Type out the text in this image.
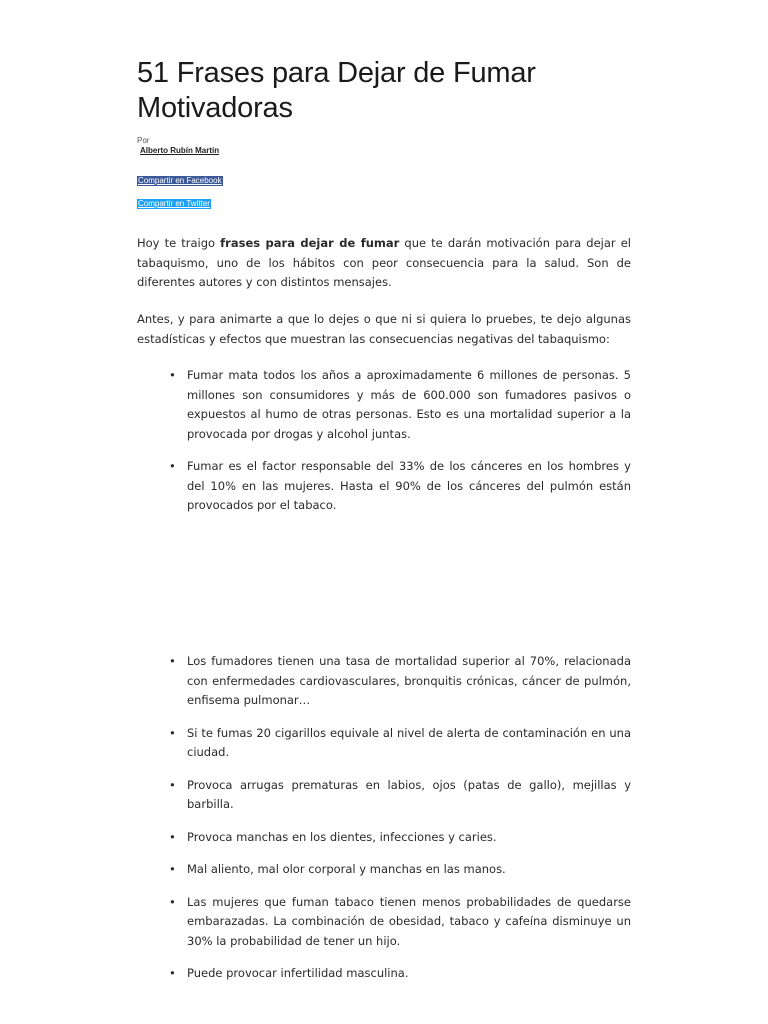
51 Frases para Dejar de Fumar Motivadoras
Por
Alberto Rubín Martín
Compartir en Facebook
Compartir en Twitter

Hoy te traigo frases para dejar de fumar que te darán motivación para dejar el tabaquismo, uno de los hábitos con peor consecuencia para la salud. Son de diferentes autores y con distintos mensajes.

Antes, y para animarte a que lo dejes o que ni si quiera lo pruebes, te dejo algunas estadísticas y efectos que muestran las consecuencias negativas del tabaquismo:

• Fumar mata todos los años a aproximadamente 6 millones de personas. 5 millones son consumidores y más de 600.000 son fumadores pasivos o expuestos al humo de otras personas. Esto es una mortalidad superior a la provocada por drogas y alcohol juntas.
• Fumar es el factor responsable del 33% de los cánceres en los hombres y del 10% en las mujeres. Hasta el 90% de los cánceres del pulmón están provocados por el tabaco.
• Los fumadores tienen una tasa de mortalidad superior al 70%, relacionada con enfermedades cardiovasculares, bronquitis crónicas, cáncer de pulmón, enfisema pulmonar…
• Si te fumas 20 cigarillos equivale al nivel de alerta de contaminación en una ciudad.
• Provoca arrugas prematuras en labios, ojos (patas de gallo), mejillas y barbilla.
• Provoca manchas en los dientes, infecciones y caries.
• Mal aliento, mal olor corporal y manchas en las manos.
• Las mujeres que fuman tabaco tienen menos probabilidades de quedarse embarazadas. La combinación de obesidad, tabaco y cafeína disminuye un 30% la probabilidad de tener un hijo.
• Puede provocar infertilidad masculina.
